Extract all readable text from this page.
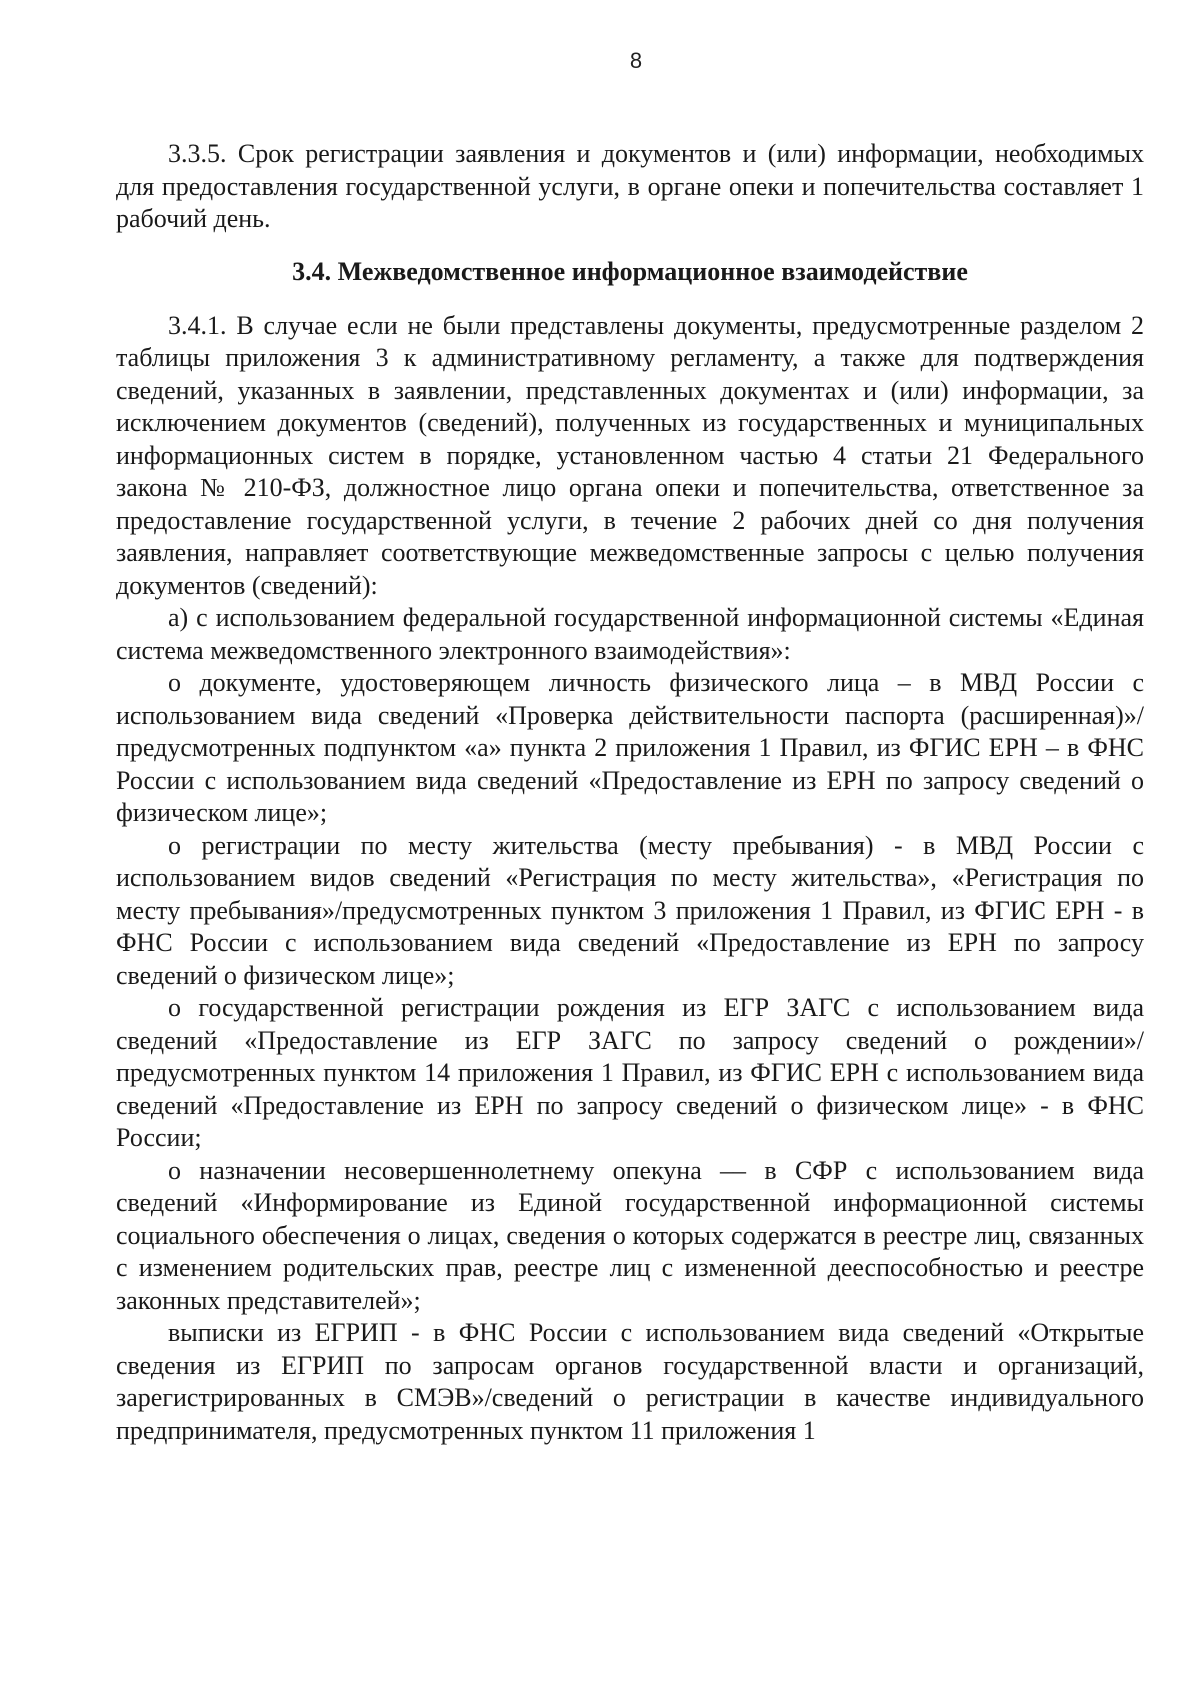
8

3.3.5. Срок регистрации заявления и документов и (или) информации, необходимых для предоставления государственной услуги, в органе опеки и попечительства составляет 1 рабочий день.

3.4. Межведомственное информационное взаимодействие

3.4.1. В случае если не были представлены документы, предусмотренные разделом 2 таблицы приложения 3 к административному регламенту, а также для подтверждения сведений, указанных в заявлении, представленных документах и (или) информации, за исключением документов (сведений), полученных из государственных и муниципальных информационных систем в порядке, установленном частью 4 статьи 21 Федерального закона № 210-ФЗ, должностное лицо органа опеки и попечительства, ответственное за предоставление государственной услуги, в течение 2 рабочих дней со дня получения заявления, направляет соответствующие межведомственные запросы с целью получения документов (сведений):

а) с использованием федеральной государственной информационной системы «Единая система межведомственного электронного взаимодействия»:

о документе, удостоверяющем личность физического лица – в МВД России с использованием вида сведений «Проверка действительности паспорта (расширенная)»/предусмотренных подпунктом «а» пункта 2 приложения 1 Правил, из ФГИС ЕРН – в ФНС России с использованием вида сведений «Предоставление из ЕРН по запросу сведений о физическом лице»;

о регистрации по месту жительства (месту пребывания) - в МВД России с использованием видов сведений «Регистрация по месту жительства», «Регистрация по месту пребывания»/предусмотренных пунктом 3 приложения 1 Правил, из ФГИС ЕРН - в ФНС России с использованием вида сведений «Предоставление из ЕРН по запросу сведений о физическом лице»;

о государственной регистрации рождения из ЕГР ЗАГС с использованием вида сведений «Предоставление из ЕГР ЗАГС по запросу сведений о рождении»/предусмотренных пунктом 14 приложения 1 Правил, из ФГИС ЕРН с использованием вида сведений «Предоставление из ЕРН по запросу сведений о физическом лице» - в ФНС России;

о назначении несовершеннолетнему опекуна –– в СФР с использованием вида сведений «Информирование из Единой государственной информационной системы социального обеспечения о лицах, сведения о которых содержатся в реестре лиц, связанных с изменением родительских прав, реестре лиц с измененной дееспособностью и реестре законных представителей»;

выписки из ЕГРИП - в ФНС России с использованием вида сведений «Открытые сведения из ЕГРИП по запросам органов государственной власти и организаций, зарегистрированных в СМЭВ»/сведений о регистрации в качестве индивидуального предпринимателя, предусмотренных пунктом 11 приложения 1
